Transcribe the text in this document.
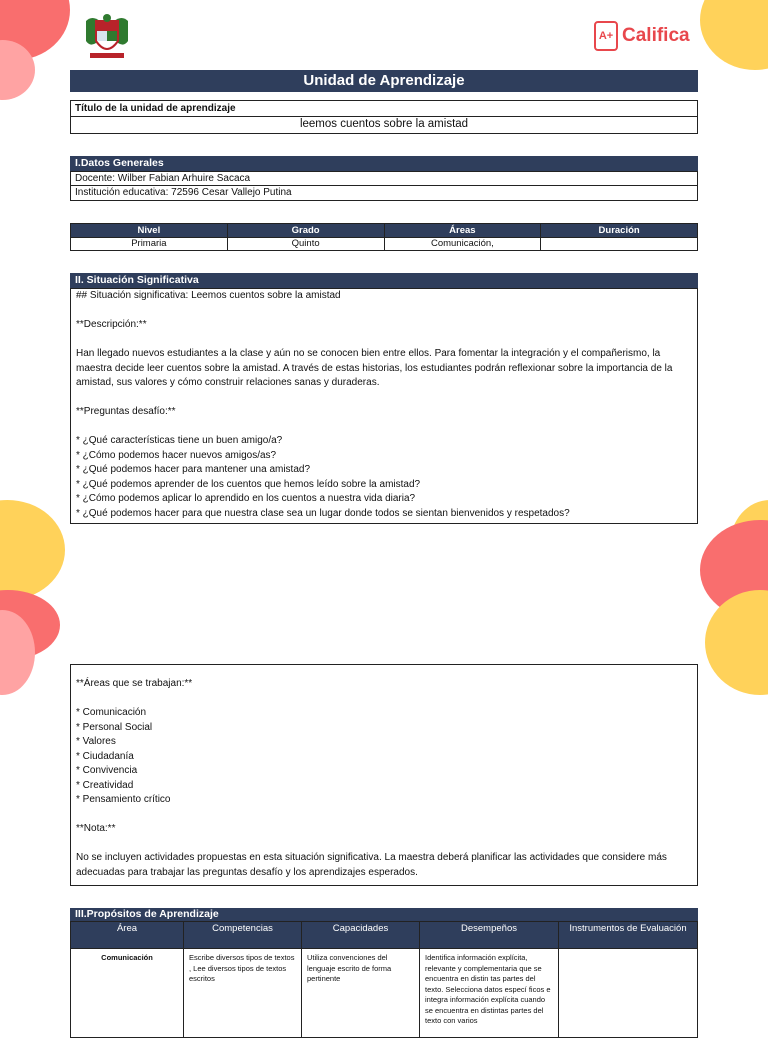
A+ Califica
Unidad de Aprendizaje
Título de la unidad de aprendizaje
leemos cuentos sobre la amistad
I.Datos Generales
Docente: Wilber Fabian Arhuire Sacaca
Institución educativa: 72596 Cesar Vallejo Putina
Nivel	Grado	Áreas	Duración
Primaria	Quinto	Comunicación,	
II. Situación Significativa
## Situación significativa: Leemos cuentos sobre la amistad

**Descripción:**

Han llegado nuevos estudiantes a la clase y aún no se conocen bien entre ellos. Para fomentar la integración y el compañerismo, la maestra decide leer cuentos sobre la amistad. A través de estas historias, los estudiantes podrán reflexionar sobre la importancia de la amistad, sus valores y cómo construir relaciones sanas y duraderas.

**Preguntas desafío:**

* ¿Qué características tiene un buen amigo/a?
* ¿Cómo podemos hacer nuevos amigos/as?
* ¿Qué podemos hacer para mantener una amistad?
* ¿Qué podemos aprender de los cuentos que hemos leído sobre la amistad?
* ¿Cómo podemos aplicar lo aprendido en los cuentos a nuestra vida diaria?
* ¿Qué podemos hacer para que nuestra clase sea un lugar donde todos se sientan bienvenidos y respetados?
**Áreas que se trabajan:**

* Comunicación
* Personal Social
* Valores
* Ciudadanía
* Convivencia
* Creatividad
* Pensamiento crítico

**Nota:**

No se incluyen actividades propuestas en esta situación significativa. La maestra deberá planificar las actividades que considere más adecuadas para trabajar las preguntas desafío y los aprendizajes esperados.
III.Propósitos de Aprendizaje
Área	Competencias	Capacidades	Desempeños	Instrumentos de Evaluación
Comunicación	Escribe diversos tipos de textos , Lee diversos tipos de textos escritos	Utiliza convenciones del lenguaje escrito de forma pertinente	Identifica información explícita, relevante y complementaria que se encuentra en distin tas partes del texto. Selecciona datos especí ficos e integra información explícita cuando se encuentra en distintas partes del texto con varios	
